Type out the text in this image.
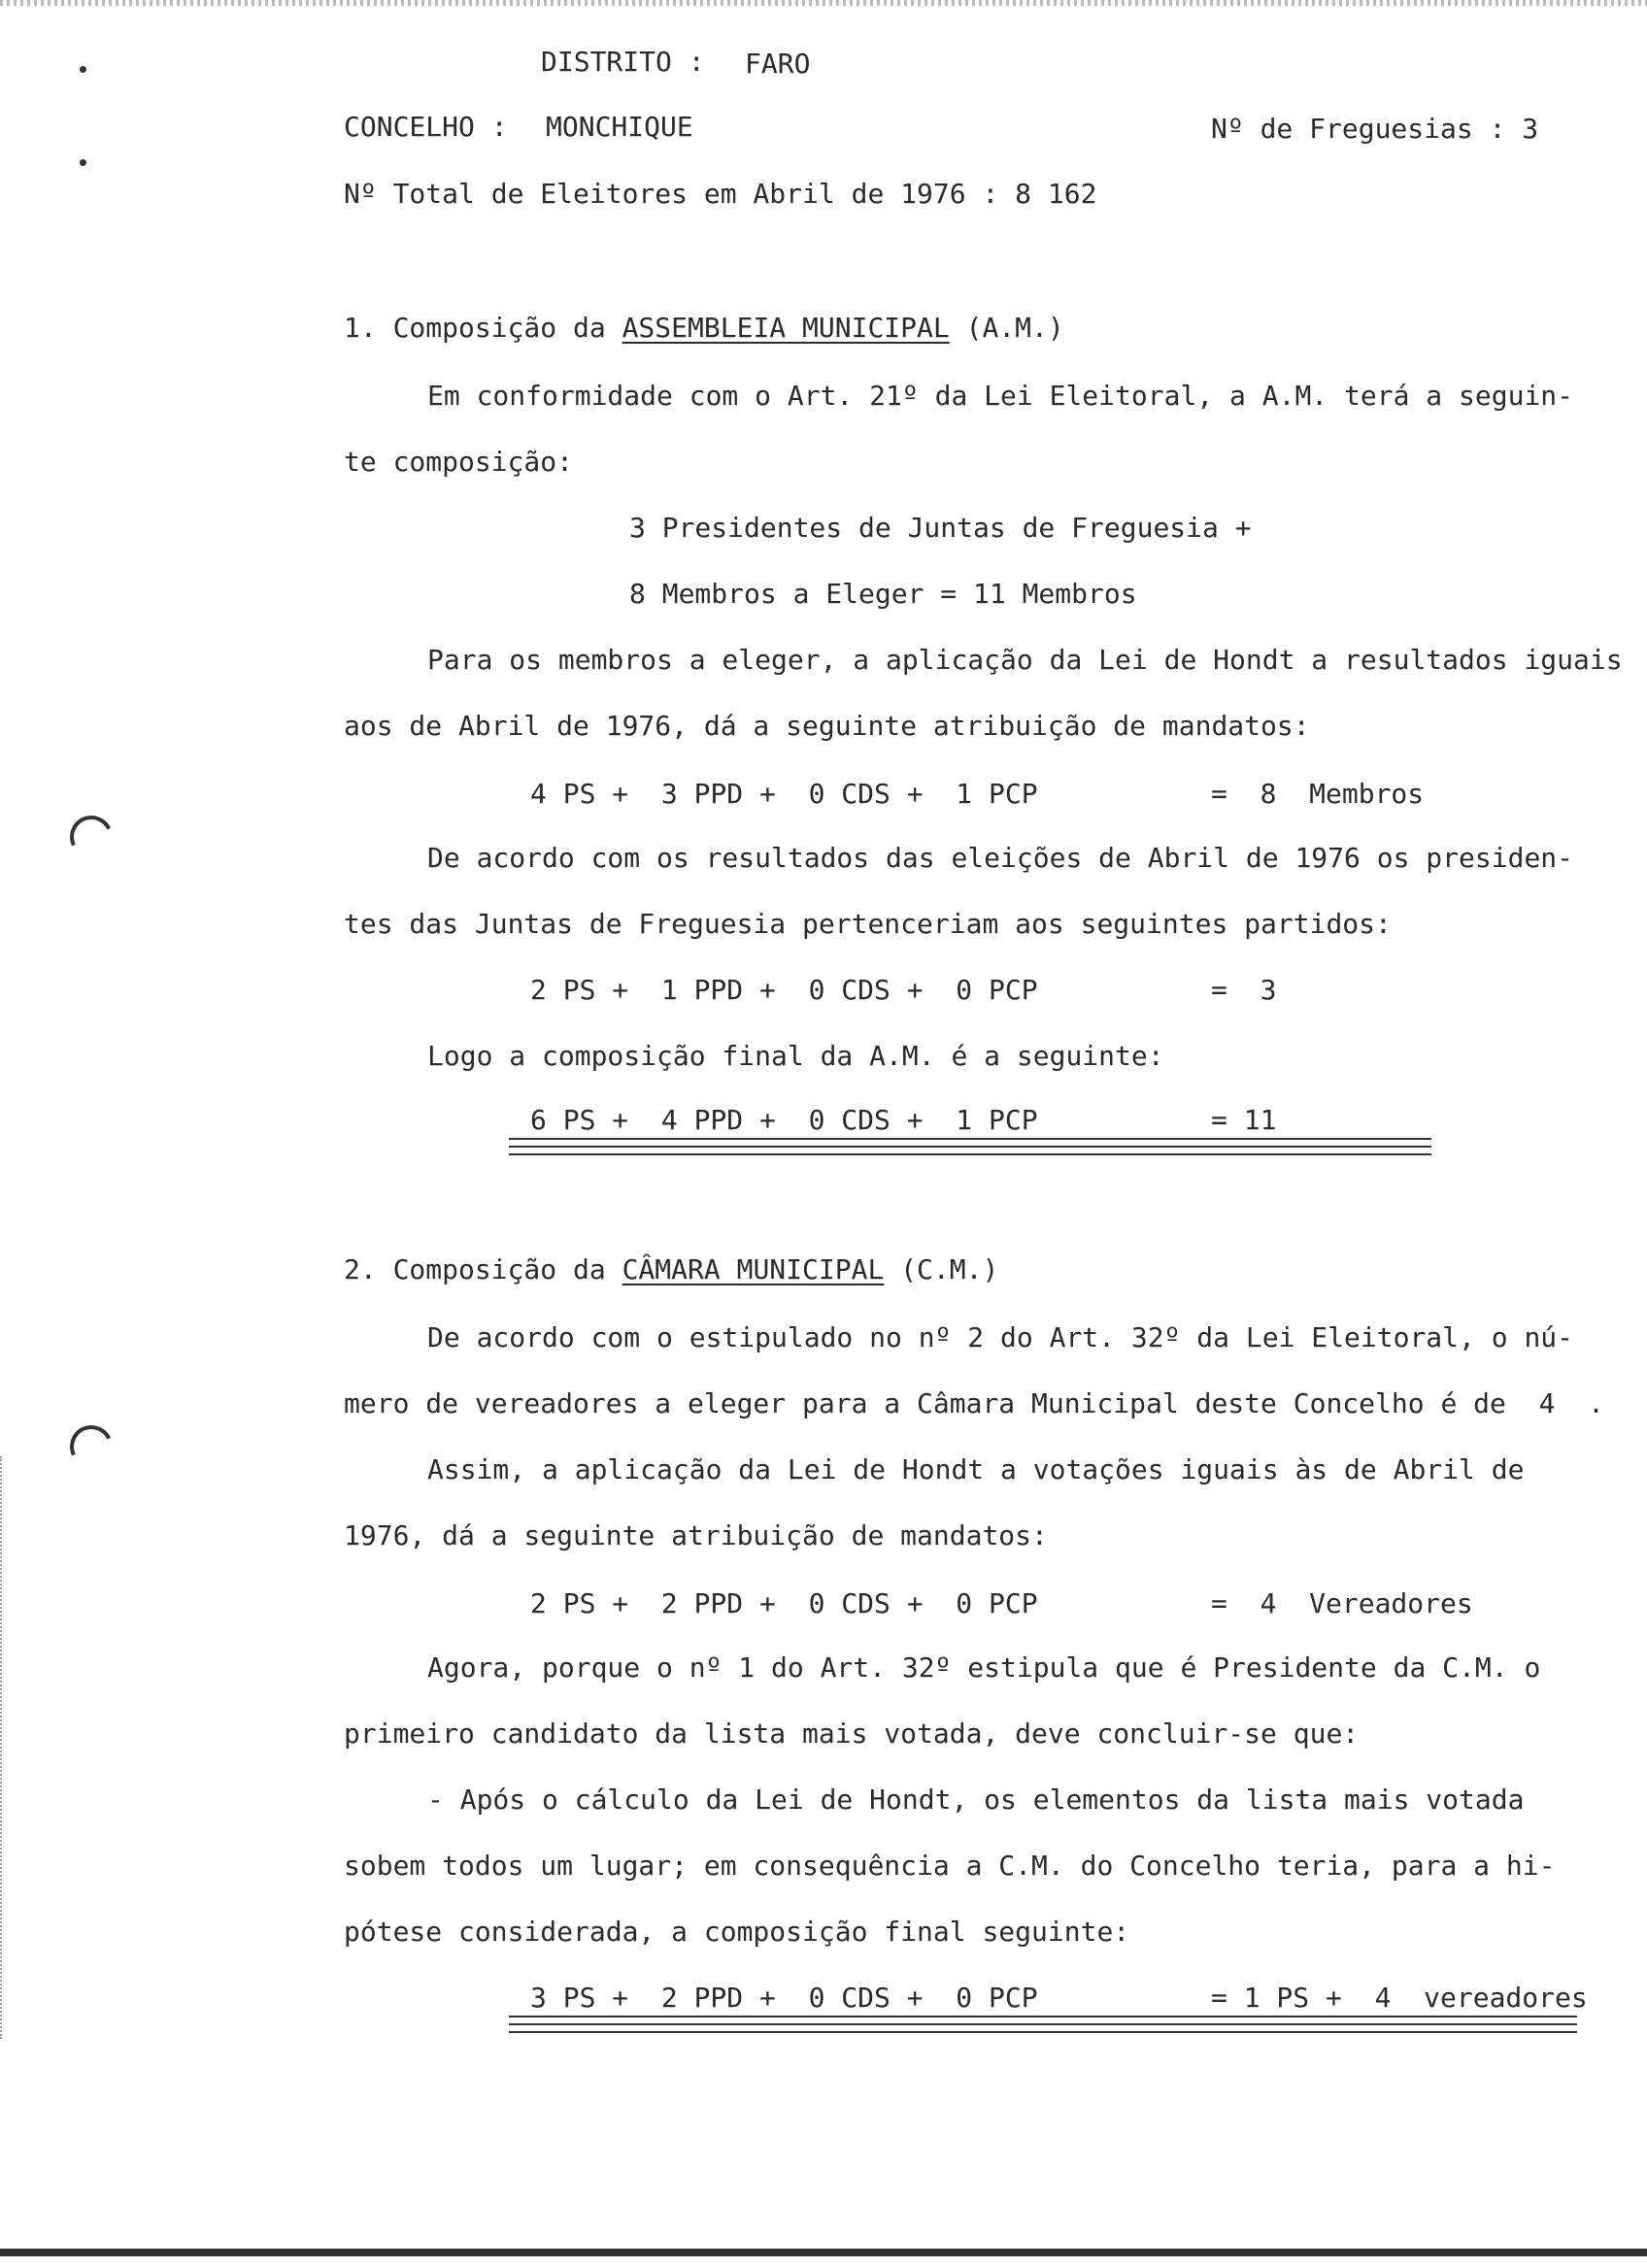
DISTRITO : FARO
CONCELHO : MONCHIQUE	Nº de Freguesias : 3
Nº Total de Eleitores em Abril de 1976 : 8 162
1. Composição da ASSEMBLEIA MUNICIPAL (A.M.)
Em conformidade com o Art. 21º da Lei Eleitoral, a A.M. terá a seguin-
te composição:
3 Presidentes de Juntas de Freguesia +
8 Membros a Eleger = 11 Membros
Para os membros a eleger, a aplicação da Lei de Hondt a resultados iguais
aos de Abril de 1976, dá a seguinte atribuição de mandatos:
4 PS +  3 PPD +  0 CDS +  1 PCP	=  8  Membros
De acordo com os resultados das eleições de Abril de 1976 os presiden-
tes das Juntas de Freguesia pertenceriam aos seguintes partidos:
2 PS +  1 PPD +  0 CDS +  0 PCP	=  3
Logo a composição final da A.M. é a seguinte:
6 PS +  4 PPD +  0 CDS +  1 PCP	= 11
2. Composição da CÂMARA MUNICIPAL (C.M.)
De acordo com o estipulado no nº 2 do Art. 32º da Lei Eleitoral, o nú-
mero de vereadores a eleger para a Câmara Municipal deste Concelho é de  4  .
Assim, a aplicação da Lei de Hondt a votações iguais às de Abril de
1976, dá a seguinte atribuição de mandatos:
2 PS +  2 PPD +  0 CDS +  0 PCP	=  4  Vereadores
Agora, porque o nº 1 do Art. 32º estipula que é Presidente da C.M. o
primeiro candidato da lista mais votada, deve concluir-se que:
- Após o cálculo da Lei de Hondt, os elementos da lista mais votada
sobem todos um lugar; em consequência a C.M. do Concelho teria, para a hi-
pótese considerada, a composição final seguinte:
3 PS +  2 PPD +  0 CDS +  0 PCP	= 1 PS +  4  vereadores
